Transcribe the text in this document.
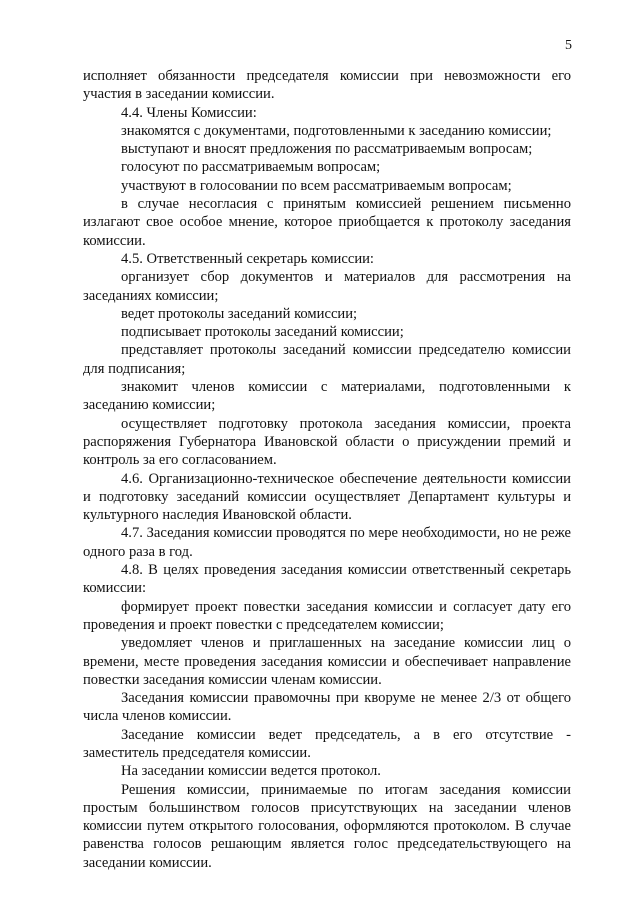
5

исполняет обязанности председателя комиссии при невозможности его участия в заседании комиссии.

4.4. Члены Комиссии:

знакомятся с документами, подготовленными к заседанию комиссии;

выступают и вносят предложения по рассматриваемым вопросам;

голосуют по рассматриваемым вопросам;

участвуют в голосовании по всем рассматриваемым вопросам;

в случае несогласия с принятым комиссией решением письменно излагают свое особое мнение, которое приобщается к протоколу заседания комиссии.

4.5. Ответственный секретарь комиссии:

организует сбор документов и материалов для рассмотрения на заседаниях комиссии;

ведет протоколы заседаний комиссии;

подписывает протоколы заседаний комиссии;

представляет протоколы заседаний комиссии председателю комиссии для подписания;

знакомит членов комиссии с материалами, подготовленными к заседанию комиссии;

осуществляет подготовку протокола заседания комиссии, проекта распоряжения Губернатора Ивановской области о присуждении премий и контроль за его согласованием.

4.6. Организационно-техническое обеспечение деятельности комиссии и подготовку заседаний комиссии осуществляет Департамент культуры и культурного наследия Ивановской области.

4.7. Заседания комиссии проводятся по мере необходимости, но не реже одного раза в год.

4.8. В целях проведения заседания комиссии ответственный секретарь комиссии:

формирует проект повестки заседания комиссии и согласует дату его проведения и проект повестки с председателем комиссии;

уведомляет членов и приглашенных на заседание комиссии лиц о времени, месте проведения заседания комиссии и обеспечивает направление повестки заседания комиссии членам комиссии.

Заседания комиссии правомочны при кворуме не менее 2/3 от общего числа членов комиссии.

Заседание комиссии ведет председатель, а в его отсутствие - заместитель председателя комиссии.

На заседании комиссии ведется протокол.

Решения комиссии, принимаемые по итогам заседания комиссии простым большинством голосов присутствующих на заседании членов комиссии путем открытого голосования, оформляются протоколом. В случае равенства голосов решающим является голос председательствующего на заседании комиссии.
